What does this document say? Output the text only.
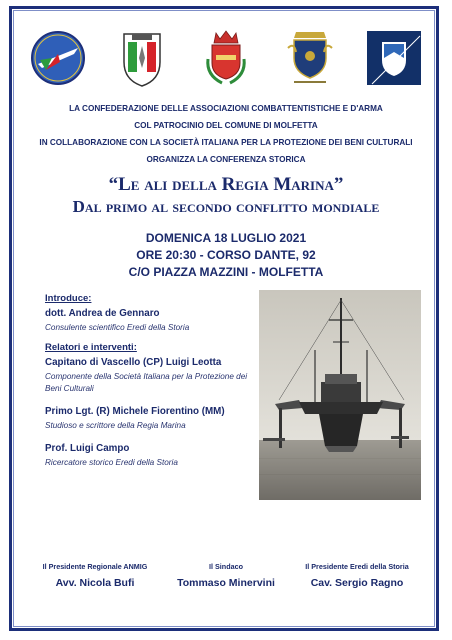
LA CONFEDERAZIONE DELLE ASSOCIAZIONI COMBATTENTISTICHE E D'ARMA
COL PATROCINIO DEL COMUNE DI MOLFETTA
IN COLLABORAZIONE CON LA SOCIETÀ ITALIANA PER LA PROTEZIONE DEI BENI CULTURALI
ORGANIZZA LA CONFERENZA STORICA
“Le ali della Regia Marina”
Dal primo al secondo conflitto mondiale
DOMENICA 18 LUGLIO 2021
ORE 20:30 - CORSO DANTE, 92
C/O PIAZZA MAZZINI - MOLFETTA
Introduce:
dott. Andrea de Gennaro
Consulente scientifico Eredi della Storia
Relatori e interventi:
Capitano di Vascello (CP) Luigi Leotta
Componente della Società Italiana per la Protezione dei Beni Culturali
Primo Lgt. (R) Michele Fiorentino (MM)
Studioso e scrittore della Regia Marina
Prof. Luigi Campo
Ricercatore storico Eredi della Storia
Il Presidente Regionale ANMIG
Avv. Nicola Bufi
Il Sindaco
Tommaso Minervini
Il Presidente Eredi della Storia
Cav. Sergio Ragno
